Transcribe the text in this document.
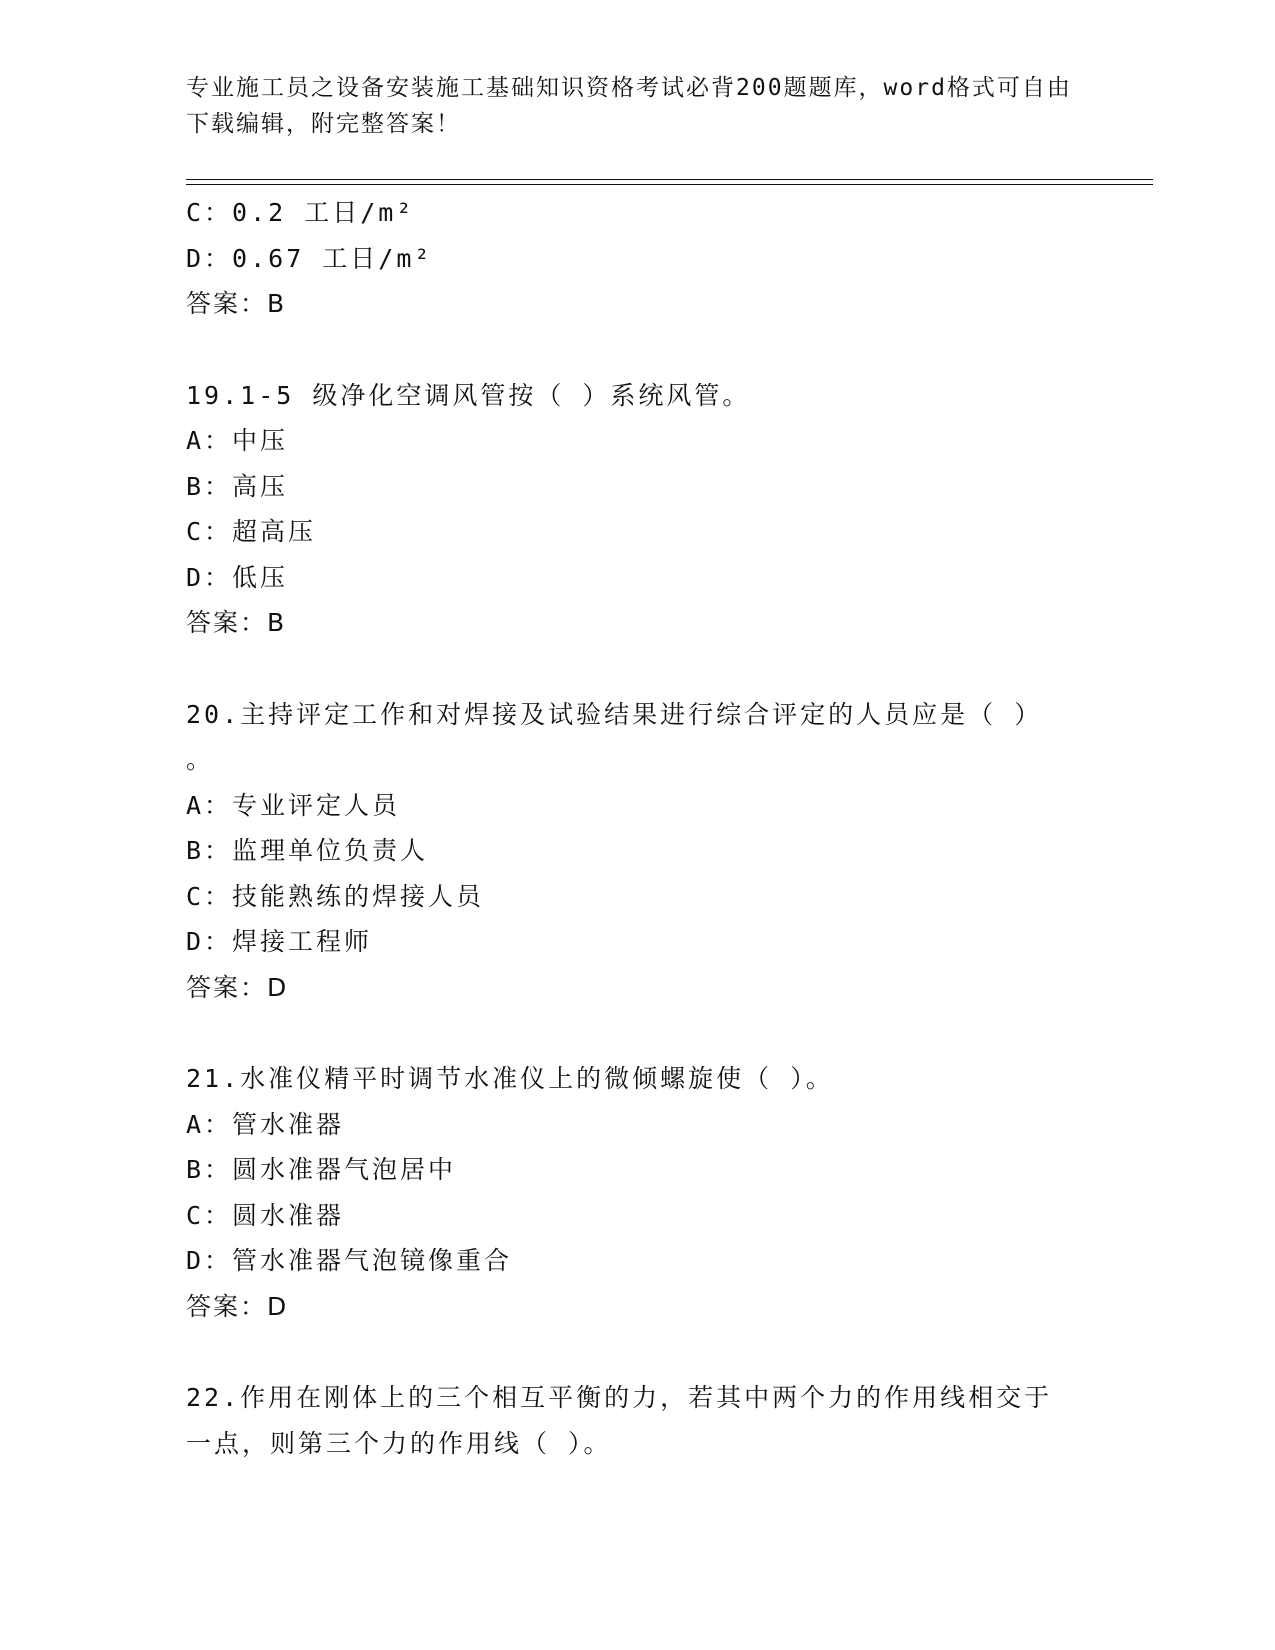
专业施工员之设备安装施工基础知识资格考试必背200题题库，word格式可自由
下载编辑，附完整答案！
C：0.2 工日/m²
D：0.67 工日/m²
答案：B
19.1-5 级净化空调风管按（ ）系统风管。
A：中压
B：高压
C：超高压
D：低压
答案：B
20.主持评定工作和对焊接及试验结果进行综合评定的人员应是（ ）
。
A：专业评定人员
B：监理单位负责人
C：技能熟练的焊接人员
D：焊接工程师
答案：D
21.水准仪精平时调节水准仪上的微倾螺旋使（ ）。
A：管水准器
B：圆水准器气泡居中
C：圆水准器
D：管水准器气泡镜像重合
答案：D
22.作用在刚体上的三个相互平衡的力，若其中两个力的作用线相交于
一点，则第三个力的作用线（ ）。
